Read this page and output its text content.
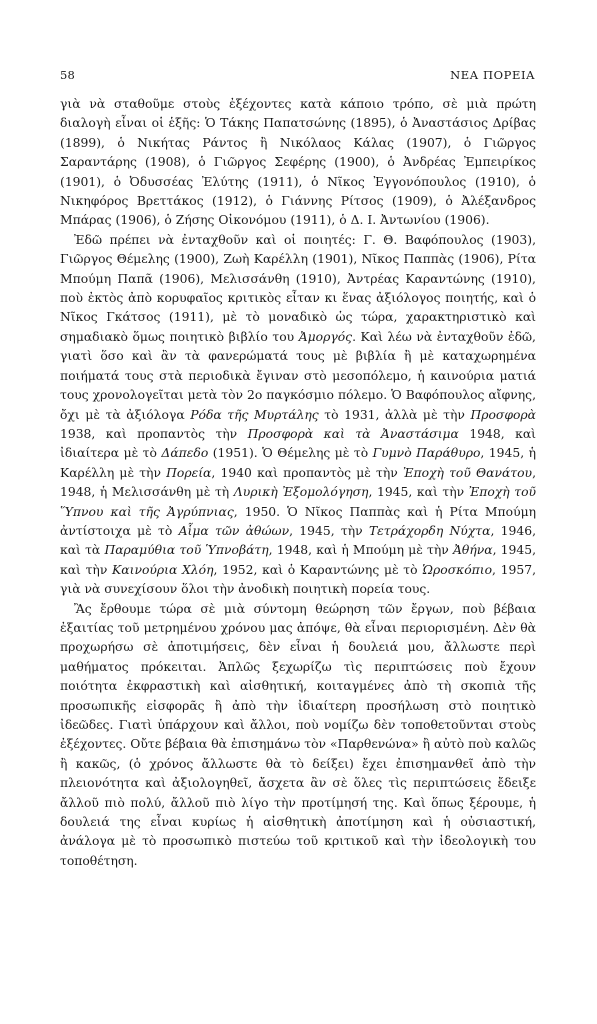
58	ΝΕΑ ΠΟΡΕΙΑ

γιὰ νὰ σταθοῦμε στοὺς ἐξέχοντες κατὰ κάποιο τρόπο, σὲ μιὰ πρώτη διαλογὴ εἶναι οἱ ἑξῆς: Ὁ Τάκης Παπατσώνης (1895), ὁ Ἀναστάσιος Δρίβας (1899), ὁ Νικήτας Ράντος ἢ Νικόλαος Κάλας (1907), ὁ Γιῶργος Σαραντάρης (1908), ὁ Γιῶργος Σεφέρης (1900), ὁ Ἀνδρέας Ἐμπειρίκος (1901), ὁ Ὀδυσσέας Ἐλύτης (1911), ὁ Νῖκος Ἐγγονόπουλος (1910), ὁ Νικηφόρος Βρεττάκος (1912), ὁ Γιάννης Ρίτσος (1909), ὁ Ἀλέξανδρος Μπάρας (1906), ὁ Ζήσης Οἰκονόμου (1911), ὁ Δ. Ι. Ἀντωνίου (1906).

Ἐδῶ πρέπει νὰ ἐνταχθοῦν καὶ οἱ ποιητές: Γ. Θ. Βαφόπουλος (1903), Γιῶργος Θέμελης (1900), Ζωὴ Καρέλλη (1901), Νῖκος Παππὰς (1906), Ρίτα Μπούμη Παπᾶ (1906), Μελισσάνθη (1910), Ἀντρέας Καραντώνης (1910), ποὺ ἐκτὸς ἀπὸ κορυφαῖος κριτικὸς εἶταν κι ἕνας ἀξιόλογος ποιητής, καὶ ὁ Νῖκος Γκάτσος (1911), μὲ τὸ μοναδικὸ ὡς τώρα, χαρακτηριστικὸ καὶ σημαδιακὸ ὅμως ποιητικὸ βιβλίο του Ἀμοργός. Καὶ λέω νὰ ἐνταχθοῦν ἐδῶ, γιατὶ ὅσο καὶ ἂν τὰ φανερώματά τους μὲ βιβλία ἢ μὲ καταχωρημένα ποιήματά τους στὰ περιοδικὰ ἔγιναν στὸ μεσοπόλεμο, ἡ καινούρια ματιά τους χρονολογεῖται μετὰ τὸν 2ο παγκόσμιο πόλεμο. Ὁ Βαφόπουλος αἴφνης, ὄχι μὲ τὰ ἀξιόλογα Ρόδα τῆς Μυρτάλης τὸ 1931, ἀλλὰ μὲ τὴν Προσφορὰ 1938, καὶ προπαντὸς τὴν Προσφορὰ καὶ τὰ Ἀναστάσιμα 1948, καὶ ἰδιαίτερα μὲ τὸ Δάπεδο (1951). Ὁ Θέμελης μὲ τὸ Γυμνὸ Παράθυρο, 1945, ἡ Καρέλλη μὲ τὴν Πορεία, 1940 καὶ προπαντὸς μὲ τὴν Ἐποχὴ τοῦ Θανάτου, 1948, ἡ Μελισσάνθη μὲ τὴ Λυρικὴ Ἐξομολόγηση, 1945, καὶ τὴν Ἐποχὴ τοῦ Ὕπνου καὶ τῆς Ἀγρύπνιας, 1950. Ὁ Νῖκος Παππὰς καὶ ἡ Ρίτα Μπούμη ἀντίστοιχα μὲ τὸ Αἷμα τῶν ἀθώων, 1945, τὴν Τετράχορδη Νύχτα, 1946, καὶ τὰ Παραμύθια τοῦ Ὑπνοβάτη, 1948, καὶ ἡ Μπούμη μὲ τὴν Ἀθήνα, 1945, καὶ τὴν Καινούρια Χλόη, 1952, καὶ ὁ Καραντώνης μὲ τὸ Ὡροσκόπιο, 1957, γιὰ νὰ συνεχίσουν ὅλοι τὴν ἀνοδικὴ ποιητικὴ πορεία τους.

Ἂς ἔρθουμε τώρα σὲ μιὰ σύντομη θεώρηση τῶν ἔργων, ποὺ βέβαια ἐξαιτίας τοῦ μετρημένου χρόνου μας ἀπόψε, θὰ εἶναι περιορισμένη. Δὲν θὰ προχωρήσω σὲ ἀποτιμήσεις, δὲν εἶναι ἡ δουλειά μου, ἄλλωστε περὶ μαθήματος πρόκειται. Ἁπλῶς ξεχωρίζω τὶς περιπτώσεις ποὺ ἔχουν ποιότητα ἐκφραστικὴ καὶ αἰσθητική, κοιταγμένες ἀπὸ τὴ σκοπιὰ τῆς προσωπικῆς εἰσφορᾶς ἢ ἀπὸ τὴν ἰδιαίτερη προσήλωση στὸ ποιητικὸ ἰδεῶδες. Γιατὶ ὑπάρχουν καὶ ἄλλοι, ποὺ νομίζω δὲν τοποθετοῦνται στοὺς ἐξέχοντες. Οὔτε βέβαια θὰ ἐπισημάνω τὸν «Παρθενώνα» ἢ αὐτὸ ποὺ καλῶς ἢ κακῶς, (ὁ χρόνος ἄλλωστε θὰ τὸ δείξει) ἔχει ἐπισημανθεῖ ἀπὸ τὴν πλειονότητα καὶ ἀξιολογηθεῖ, ἄσχετα ἂν σὲ ὅλες τὶς περιπτώσεις ἔδειξε ἄλλοῦ πιὸ πολύ, ἄλλοῦ πιὸ λίγο τὴν προτίμησή της. Καὶ ὅπως ξέρουμε, ἡ δουλειά της εἶναι κυρίως ἡ αἰσθητικὴ ἀποτίμηση καὶ ἡ οὐσιαστική, ἀνάλογα μὲ τὸ προσωπικὸ πιστεύω τοῦ κριτικοῦ καὶ τὴν ἰδεολογικὴ του τοποθέτηση.
